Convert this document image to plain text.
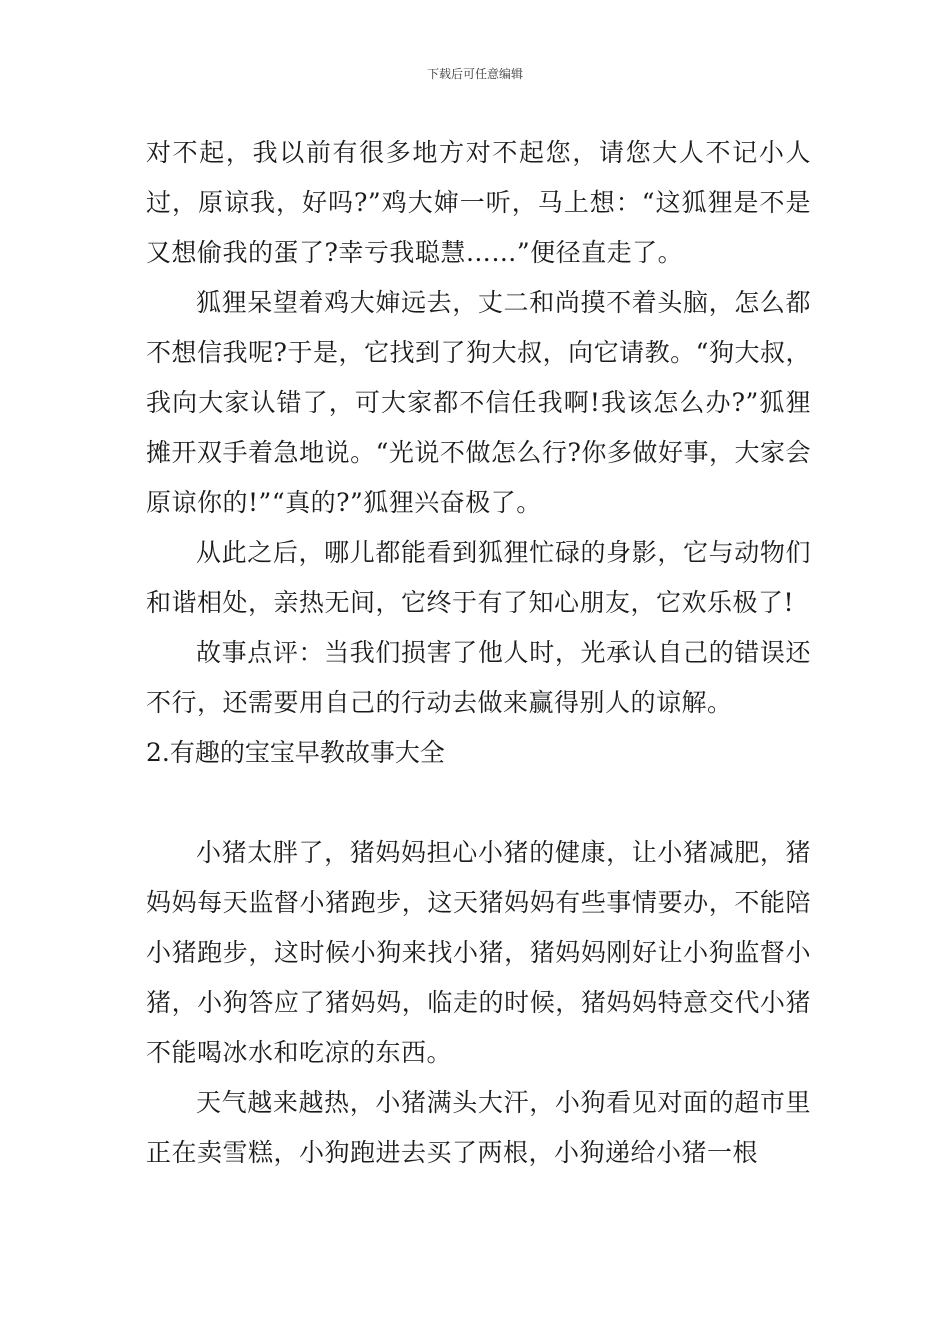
下载后可任意编辑

对不起，我以前有很多地方对不起您，请您大人不记小人过，原谅我，好吗?”鸡大婶一听，马上想：“这狐狸是不是又想偷我的蛋了?幸亏我聪慧……”便径直走了。

狐狸呆望着鸡大婶远去，丈二和尚摸不着头脑，怎么都不想信我呢?于是，它找到了狗大叔，向它请教。“狗大叔，我向大家认错了，可大家都不信任我啊!我该怎么办?”狐狸摊开双手着急地说。“光说不做怎么行?你多做好事，大家会原谅你的!”“真的?”狐狸兴奋极了。

从此之后，哪儿都能看到狐狸忙碌的身影，它与动物们和谐相处，亲热无间，它终于有了知心朋友，它欢乐极了!

故事点评：当我们损害了他人时，光承认自己的错误还不行，还需要用自己的行动去做来赢得别人的谅解。

2.有趣的宝宝早教故事大全

小猪太胖了，猪妈妈担心小猪的健康，让小猪减肥，猪妈妈每天监督小猪跑步，这天猪妈妈有些事情要办，不能陪小猪跑步，这时候小狗来找小猪，猪妈妈刚好让小狗监督小猪，小狗答应了猪妈妈，临走的时候，猪妈妈特意交代小猪不能喝冰水和吃凉的东西。

天气越来越热，小猪满头大汗，小狗看见对面的超市里正在卖雪糕，小狗跑进去买了两根，小狗递给小猪一根
